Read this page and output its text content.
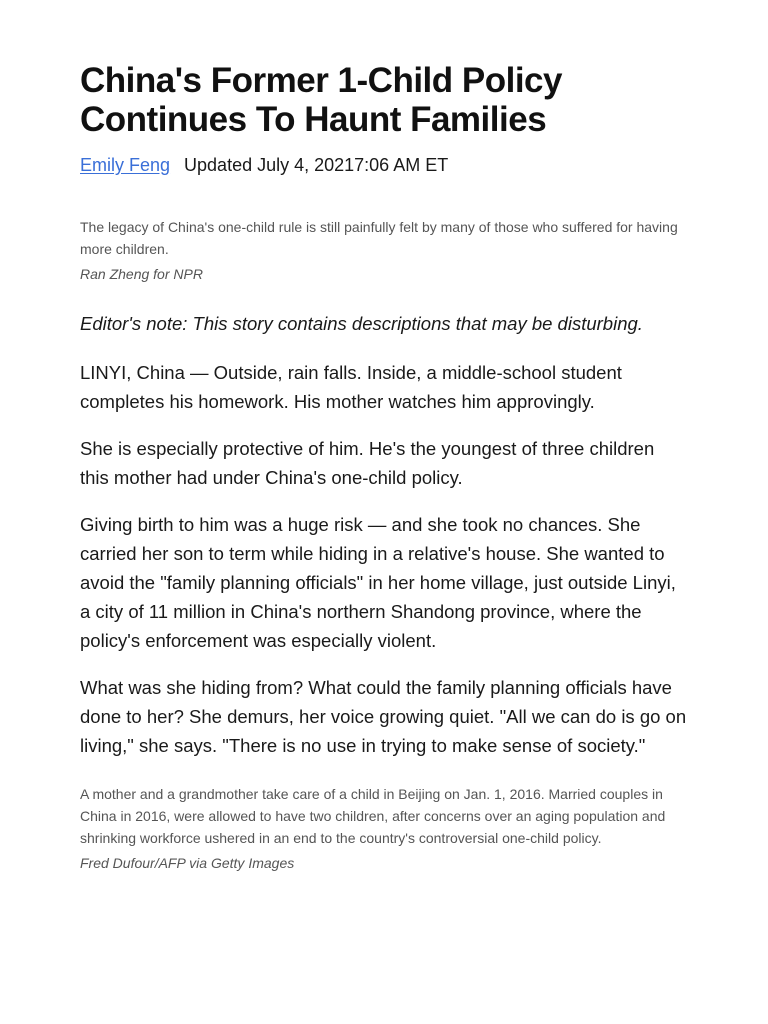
China's Former 1-Child Policy Continues To Haunt Families
Emily Feng Updated July 4, 20217:06 AM ET

The legacy of China's one-child rule is still painfully felt by many of those who suffered for having more children.

Ran Zheng for NPR

Editor's note: This story contains descriptions that may be disturbing.

LINYI, China — Outside, rain falls. Inside, a middle-school student completes his homework. His mother watches him approvingly.

She is especially protective of him. He's the youngest of three children this mother had under China's one-child policy.

Giving birth to him was a huge risk — and she took no chances. She carried her son to term while hiding in a relative's house. She wanted to avoid the "family planning officials" in her home village, just outside Linyi, a city of 11 million in China's northern Shandong province, where the policy's enforcement was especially violent.

What was she hiding from? What could the family planning officials have done to her? She demurs, her voice growing quiet. "All we can do is go on living," she says. "There is no use in trying to make sense of society."

A mother and a grandmother take care of a child in Beijing on Jan. 1, 2016. Married couples in China in 2016, were allowed to have two children, after concerns over an aging population and shrinking workforce ushered in an end to the country's controversial one-child policy.

Fred Dufour/AFP via Getty Images
